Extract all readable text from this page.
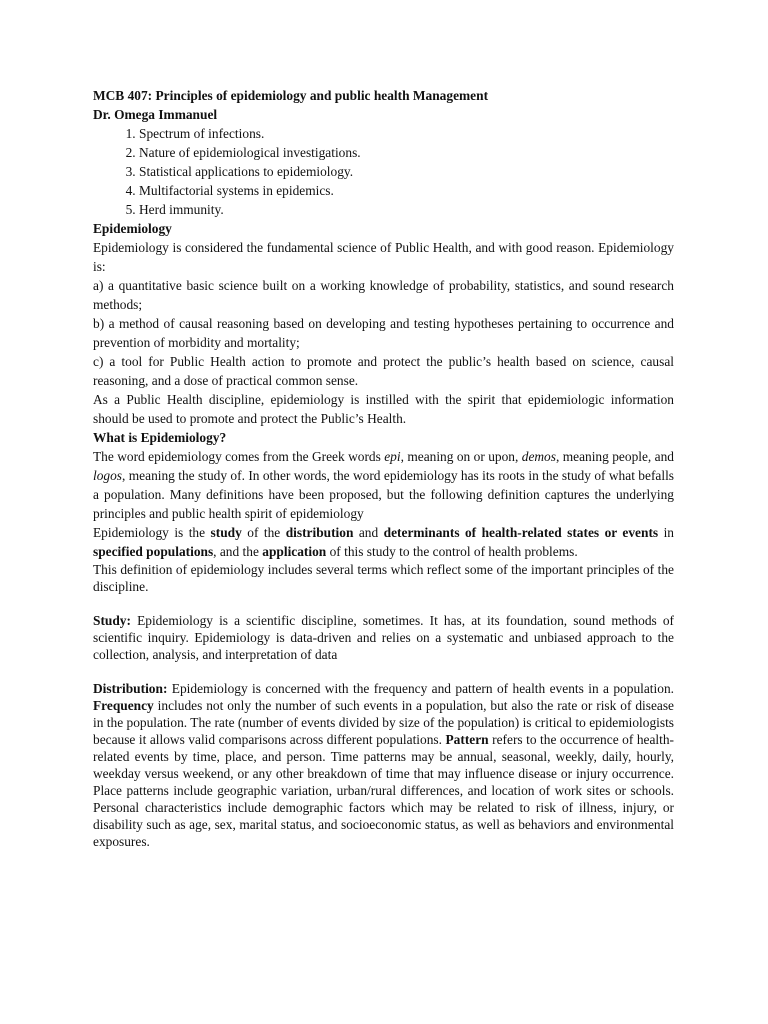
MCB 407: Principles of epidemiology and public health Management
Dr. Omega Immanuel
1. Spectrum of infections.
2. Nature of epidemiological investigations.
3. Statistical applications to epidemiology.
4. Multifactorial systems in epidemics.
5. Herd immunity.
Epidemiology

Epidemiology is considered the fundamental science of Public Health, and with good reason. Epidemiology is:

a) a quantitative basic science built on a working knowledge of probability, statistics, and sound research methods;

b) a method of causal reasoning based on developing and testing hypotheses pertaining to occurrence and prevention of morbidity and mortality;

c) a tool for Public Health action to promote and protect the public’s health based on science, causal reasoning, and a dose of practical common sense.

As a Public Health discipline, epidemiology is instilled with the spirit that epidemiologic information should be used to promote and protect the Public’s Health.

What is Epidemiology?

The word epidemiology comes from the Greek words epi, meaning on or upon, demos, meaning people, and logos, meaning the study of. In other words, the word epidemiology has its roots in the study of what befalls a population. Many definitions have been proposed, but the following definition captures the underlying principles and public health spirit of epidemiology

Epidemiology is the study of the distribution and determinants of health-related states or events in specified populations, and the application of this study to the control of health problems.

This definition of epidemiology includes several terms which reflect some of the important principles of the discipline.

Study: Epidemiology is a scientific discipline, sometimes. It has, at its foundation, sound methods of scientific inquiry. Epidemiology is data-driven and relies on a systematic and unbiased approach to the collection, analysis, and interpretation of data

Distribution: Epidemiology is concerned with the frequency and pattern of health events in a population. Frequency includes not only the number of such events in a population, but also the rate or risk of disease in the population. The rate (number of events divided by size of the population) is critical to epidemiologists because it allows valid comparisons across different populations. Pattern refers to the occurrence of health-related events by time, place, and person. Time patterns may be annual, seasonal, weekly, daily, hourly, weekday versus weekend, or any other breakdown of time that may influence disease or injury occurrence. Place patterns include geographic variation, urban/rural differences, and location of work sites or schools. Personal characteristics include demographic factors which may be related to risk of illness, injury, or disability such as age, sex, marital status, and socioeconomic status, as well as behaviors and environmental exposures.
